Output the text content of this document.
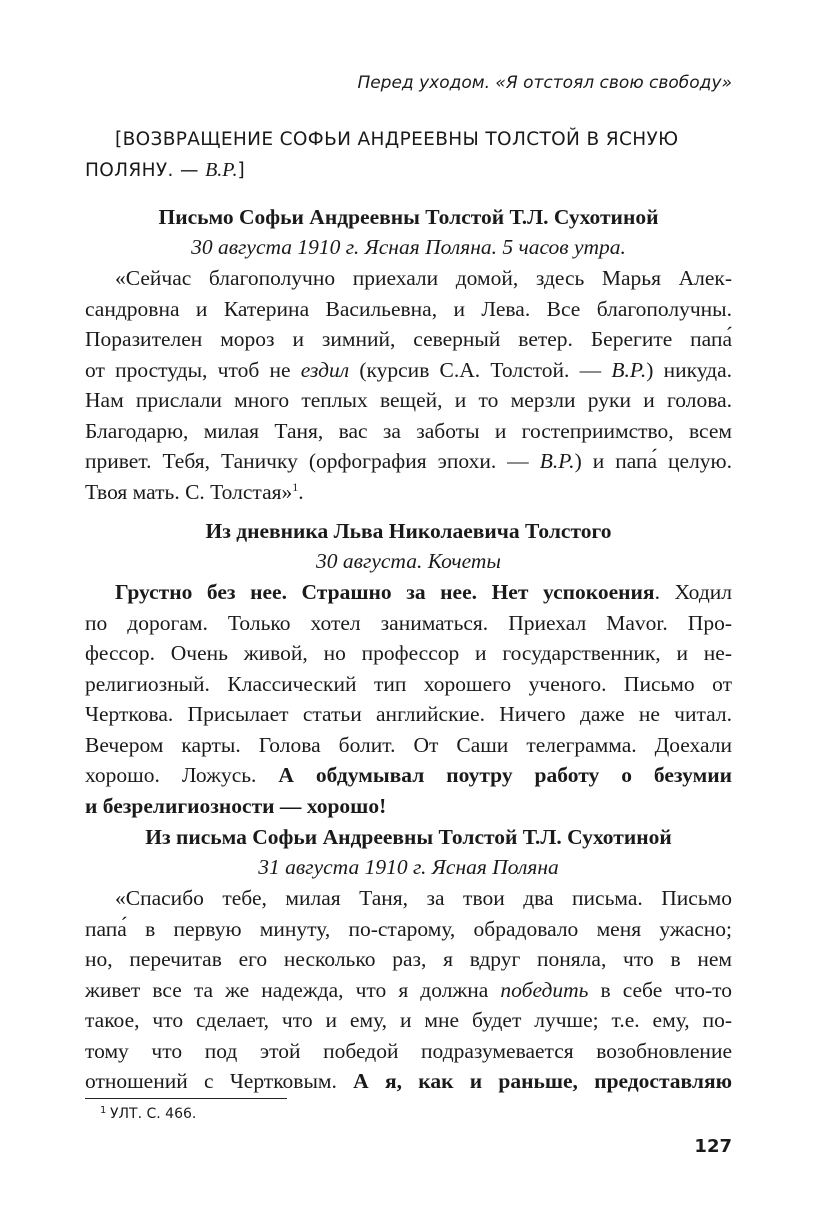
Перед уходом. «Я отстоял свою свободу»
[ВОЗВРАЩЕНИЕ СОФЬИ АНДРЕЕВНЫ ТОЛСТОЙ В ЯСНУЮ
ПОЛЯНУ. — В.Р.]
Письмо Софьи Андреевны Толстой Т.Л. Сухотиной
30 августа 1910 г. Ясная Поляна. 5 часов утра.
«Сейчас благополучно приехали домой, здесь Марья Алек-
сандровна и Катерина Васильевна, и Лева. Все благополучны.
Поразителен мороз и зимний, северный ветер. Берегите папа́
от простуды, чтоб не ездил (курсив С.А. Толстой. — В.Р.) никуда.
Нам прислали много теплых вещей, и то мерзли руки и голова.
Благодарю, милая Таня, вас за заботы и гостеприимство, всем
привет. Тебя, Таничку (орфография эпохи. — В.Р.) и папа́ целую.
Твоя мать. С. Толстая»$^1$.
Из дневника Льва Николаевича Толстого
30 августа. Кочеты
Грустно без нее. Страшно за нее. Нет успокоения. Ходил
по дорогам. Только хотел заниматься. Приехал Mavor. Про-
фессор. Очень живой, но профессор и государственник, и не-
религиозный. Классический тип хорошего ученого. Письмо от
Черткова. Присылает статьи английские. Ничего даже не читал.
Вечером карты. Голова болит. От Саши телеграмма. Доехали
хорошо. Ложусь. А обдумывал поутру работу о безумии
и безрелигиозности — хорошо!
Из письма Софьи Андреевны Толстой Т.Л. Сухотиной
31 августа 1910 г. Ясная Поляна
«Спасибо тебе, милая Таня, за твои два письма. Письмо
папа́ в первую минуту, по-старому, обрадовало меня ужасно;
но, перечитав его несколько раз, я вдруг поняла, что в нем
живет все та же надежда, что я должна победить в себе что-то
такое, что сделает, что и ему, и мне будет лучше; т.е. ему, по-
тому что под этой победой подразумевается возобновление
отношений с Чертковым. А я, как и раньше, предоставляю
1 УЛТ. С. 466.
127
